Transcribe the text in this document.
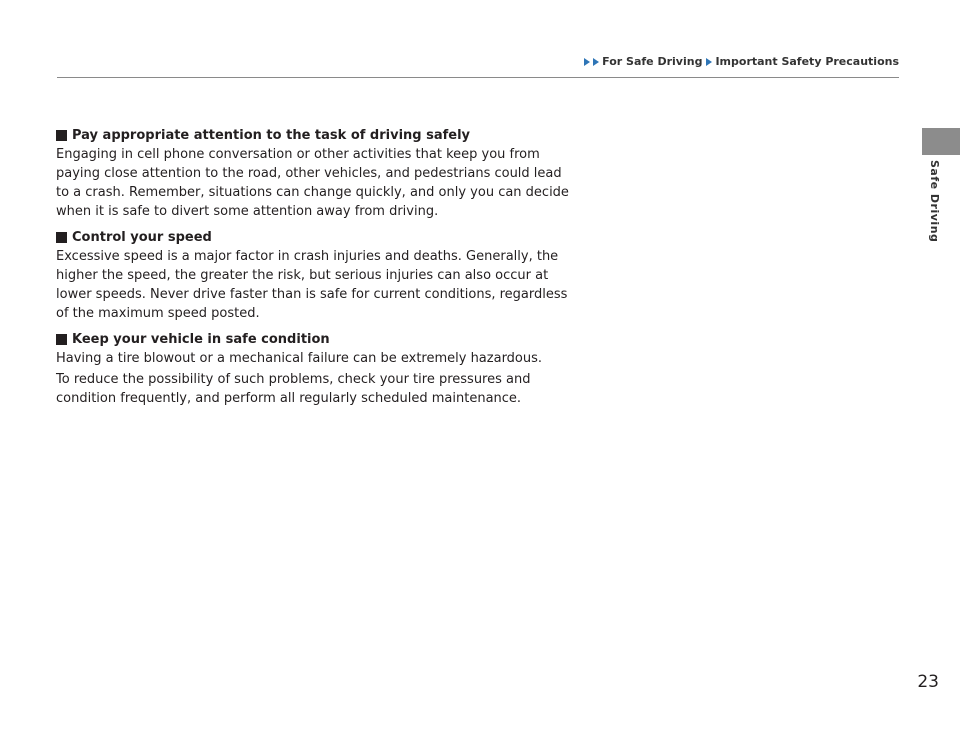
For Safe Driving Important Safety Precautions
Safe Driving
Pay appropriate attention to the task of driving safely

Engaging in cell phone conversation or other activities that keep you from paying close attention to the road, other vehicles, and pedestrians could lead to a crash. Remember, situations can change quickly, and only you can decide when it is safe to divert some attention away from driving.

Control your speed

Excessive speed is a major factor in crash injuries and deaths. Generally, the higher the speed, the greater the risk, but serious injuries can also occur at lower speeds. Never drive faster than is safe for current conditions, regardless of the maximum speed posted.

Keep your vehicle in safe condition

Having a tire blowout or a mechanical failure can be extremely hazardous.

To reduce the possibility of such problems, check your tire pressures and condition frequently, and perform all regularly scheduled maintenance.

23
